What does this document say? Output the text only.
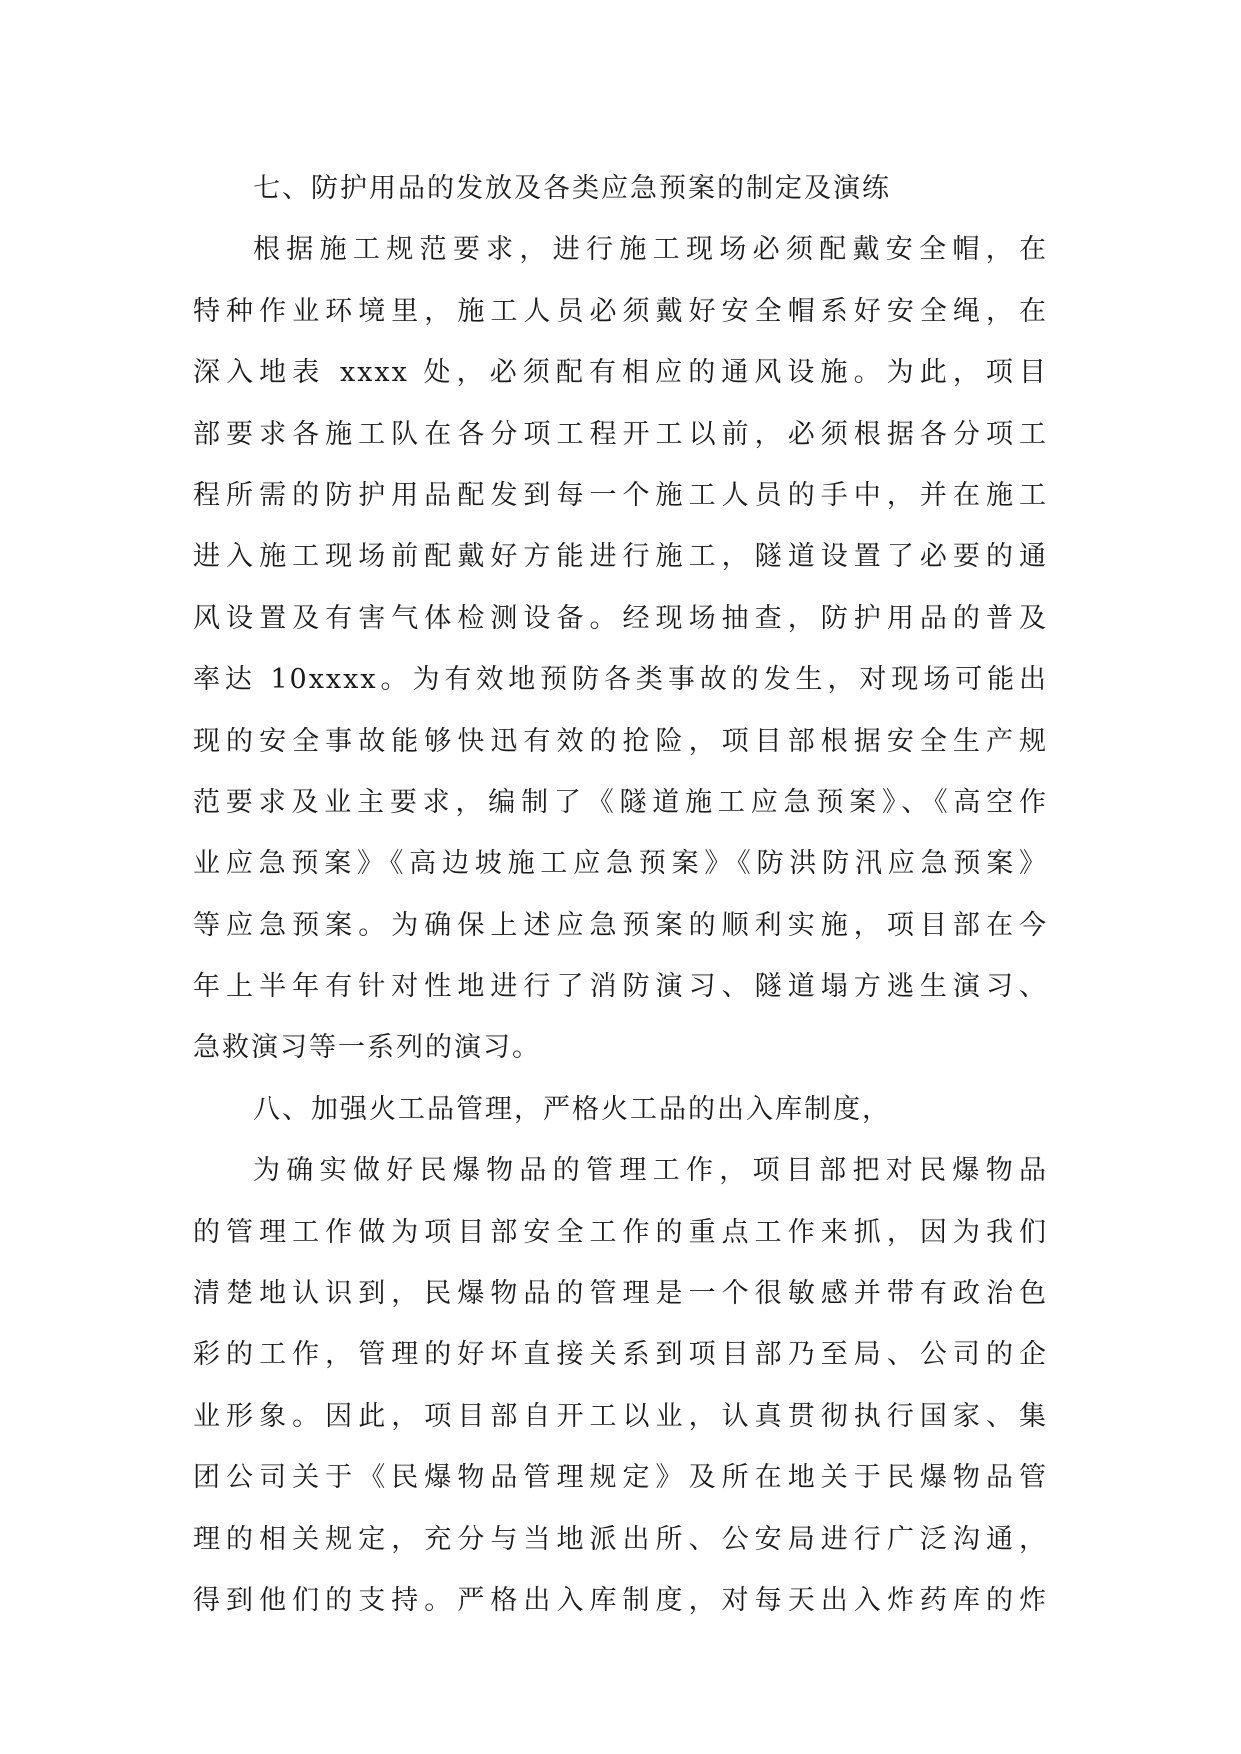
七、防护用品的发放及各类应急预案的制定及演练
根据施工规范要求，进行施工现场必须配戴安全帽，在
特种作业环境里，施工人员必须戴好安全帽系好安全绳，在
深入地表 xxxx 处，必须配有相应的通风设施。为此，项目
部要求各施工队在各分项工程开工以前，必须根据各分项工
程所需的防护用品配发到每一个施工人员的手中，并在施工
进入施工现场前配戴好方能进行施工，隧道设置了必要的通
风设置及有害气体检测设备。经现场抽查，防护用品的普及
率达 10xxxx。为有效地预防各类事故的发生，对现场可能出
现的安全事故能够快迅有效的抢险，项目部根据安全生产规
范要求及业主要求，编制了《隧道施工应急预案》、《高空作
业应急预案》《高边坡施工应急预案》《防洪防汛应急预案》
等应急预案。为确保上述应急预案的顺利实施，项目部在今
年上半年有针对性地进行了消防演习、隧道塌方逃生演习、
急救演习等一系列的演习。
八、加强火工品管理，严格火工品的出入库制度，
为确实做好民爆物品的管理工作，项目部把对民爆物品
的管理工作做为项目部安全工作的重点工作来抓，因为我们
清楚地认识到，民爆物品的管理是一个很敏感并带有政治色
彩的工作，管理的好坏直接关系到项目部乃至局、公司的企
业形象。因此，项目部自开工以业，认真贯彻执行国家、集
团公司关于《民爆物品管理规定》及所在地关于民爆物品管
理的相关规定，充分与当地派出所、公安局进行广泛沟通，
得到他们的支持。严格出入库制度，对每天出入炸药库的炸
